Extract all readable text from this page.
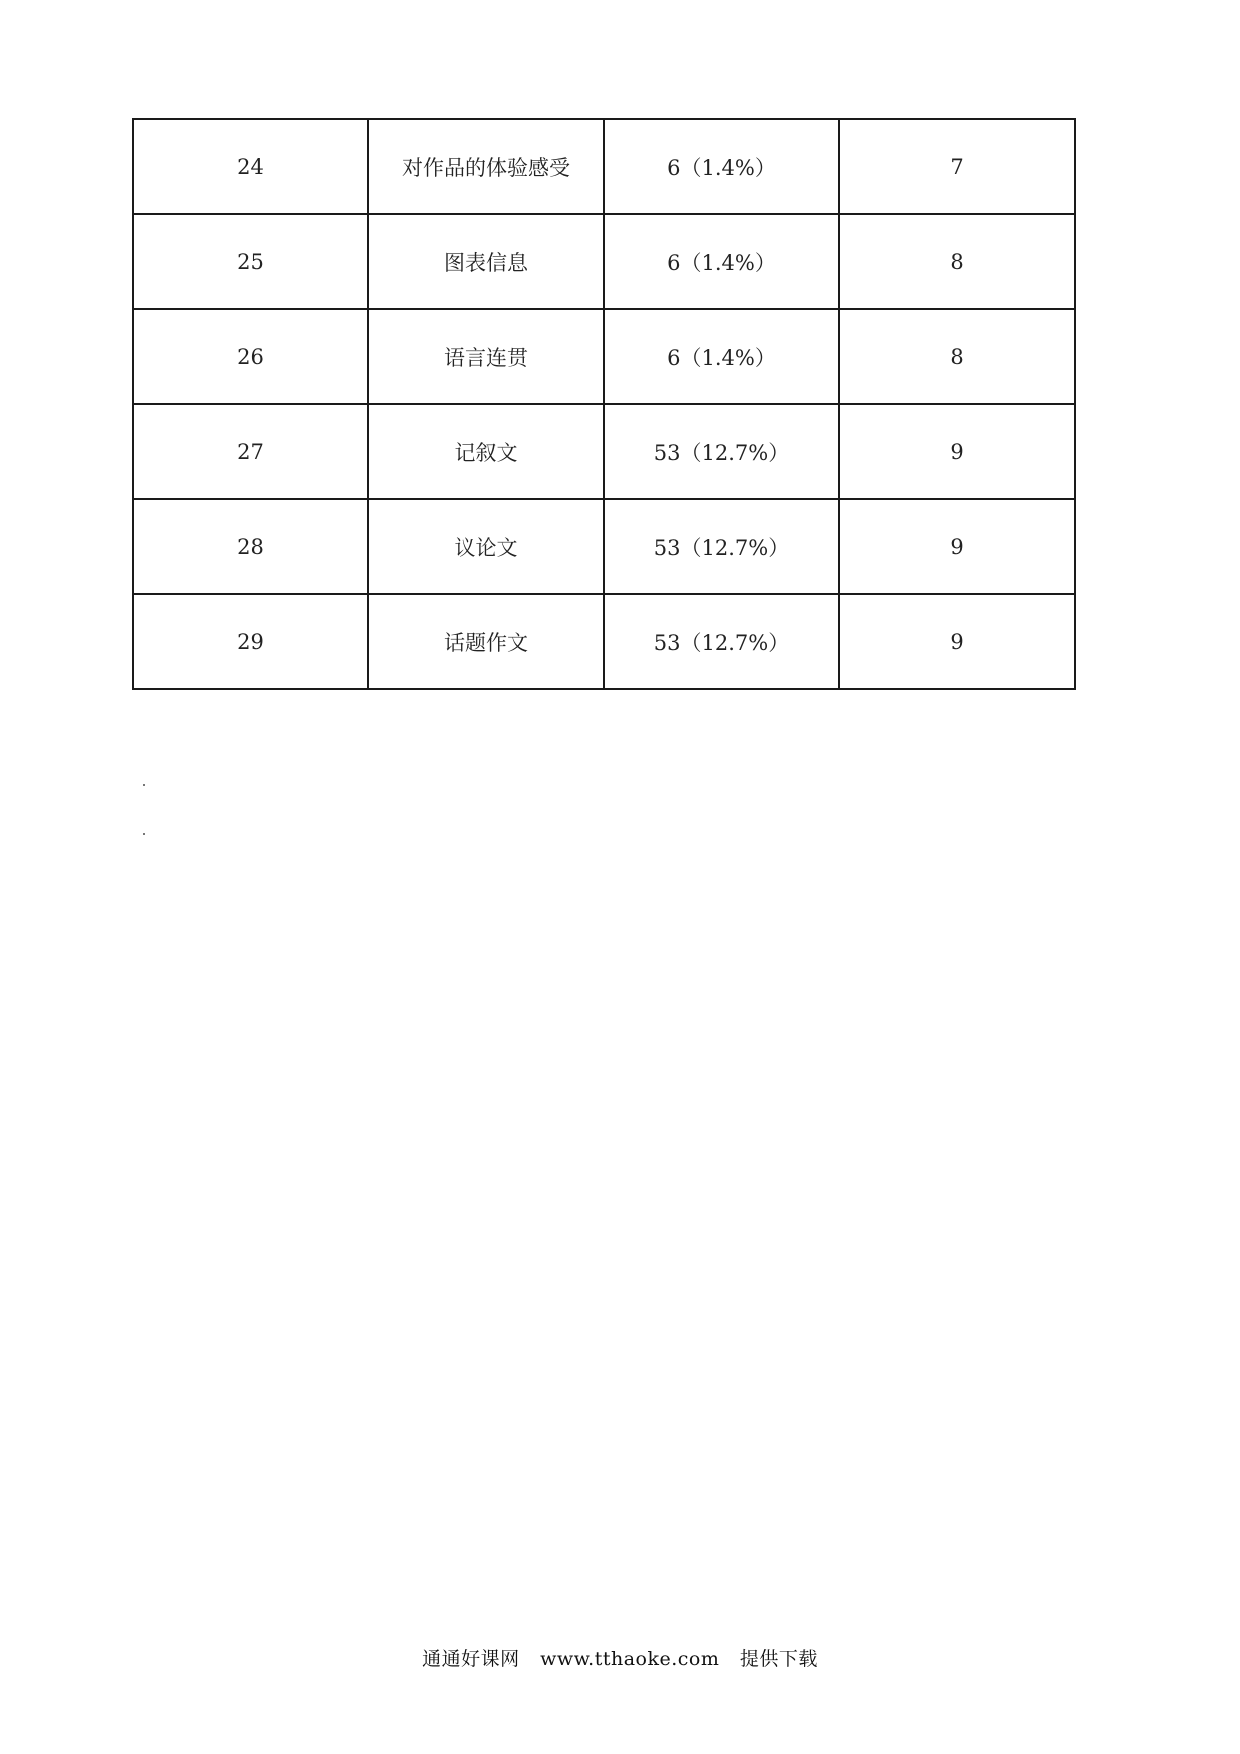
24	对作品的体验感受	6（1.4%）	7
25	图表信息	6（1.4%）	8
26	语言连贯	6（1.4%）	8
27	记叙文	53（12.7%）	9
28	议论文	53（12.7%）	9
29	话题作文	53（12.7%）	9
通通好课网 www.tthaoke.com 提供下载
